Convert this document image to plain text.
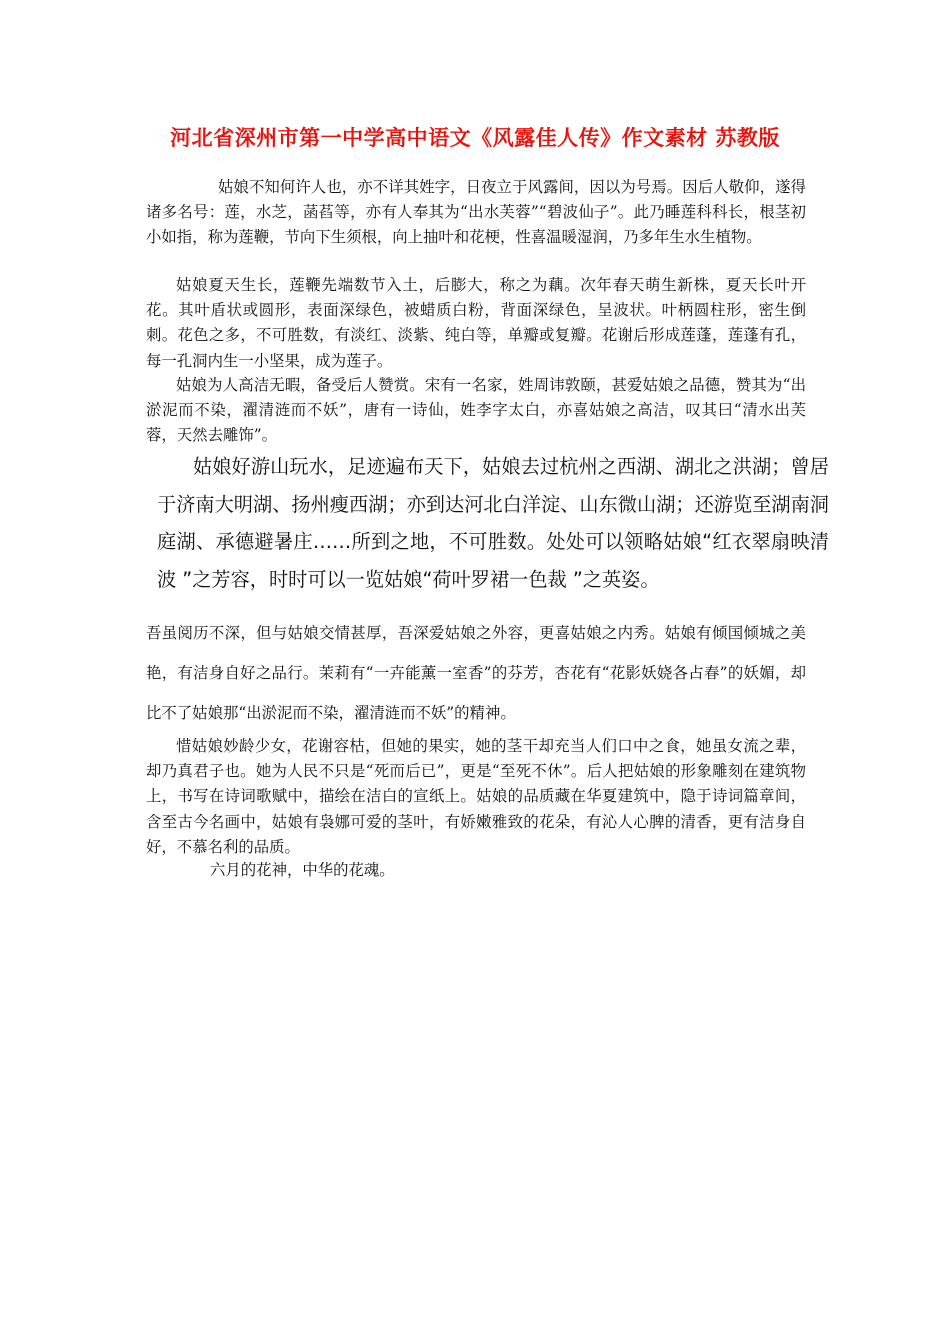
河北省深州市第一中学高中语文《风露佳人传》作文素材 苏教版

姑娘不知何许人也，亦不详其姓字，日夜立于风露间，因以为号焉。因后人敬仰，遂得诸多名号：莲，水芝，菡萏等，亦有人奉其为“出水芙蓉”“碧波仙子”。此乃睡莲科科长，根茎初小如指，称为莲鞭，节向下生须根，向上抽叶和花梗，性喜温暖湿润，乃多年生水生植物。

姑娘夏天生长，莲鞭先端数节入土，后膨大，称之为藕。次年春天萌生新株，夏天长叶开花。其叶盾状或圆形，表面深绿色，被蜡质白粉，背面深绿色，呈波状。叶柄圆柱形，密生倒刺。花色之多，不可胜数，有淡红、淡紫、纯白等，单瓣或复瓣。花谢后形成莲蓬，莲蓬有孔，每一孔洞内生一小坚果，成为莲子。

姑娘为人高洁无暇，备受后人赞赏。宋有一名家，姓周讳敦颐，甚爱姑娘之品德，赞其为“出淤泥而不染，濯清涟而不妖”，唐有一诗仙，姓李字太白，亦喜姑娘之高洁，叹其曰“清水出芙蓉，天然去雕饰”。

姑娘好游山玩水，足迹遍布天下，姑娘去过杭州之西湖、湖北之洪湖；曾居于济南大明湖、扬州瘦西湖；亦到达河北白洋淀、山东微山湖；还游览至湖南洞庭湖、承德避暑庄……所到之地，不可胜数。处处可以领略姑娘“红衣翠扇映清波 ”之芳容，时时可以一览姑娘“荷叶罗裙一色裁 ”之英姿。

吾虽阅历不深，但与姑娘交情甚厚，吾深爱姑娘之外容，更喜姑娘之内秀。姑娘有倾国倾城之美艳，有洁身自好之品行。茉莉有“一卉能薰一室香”的芬芳，杏花有“花影妖娆各占春”的妖媚，却比不了姑娘那“出淤泥而不染，濯清涟而不妖”的精神。

惜姑娘妙龄少女，花谢容枯，但她的果实，她的茎干却充当人们口中之食，她虽女流之辈，却乃真君子也。她为人民不只是“死而后已”，更是“至死不休”。后人把姑娘的形象雕刻在建筑物上，书写在诗词歌赋中，描绘在洁白的宣纸上。姑娘的品质藏在华夏建筑中，隐于诗词篇章间，含至古今名画中，姑娘有袅娜可爱的茎叶，有娇嫩雅致的花朵，有沁人心脾的清香，更有洁身自好，不慕名利的品质。

六月的花神，中华的花魂。
